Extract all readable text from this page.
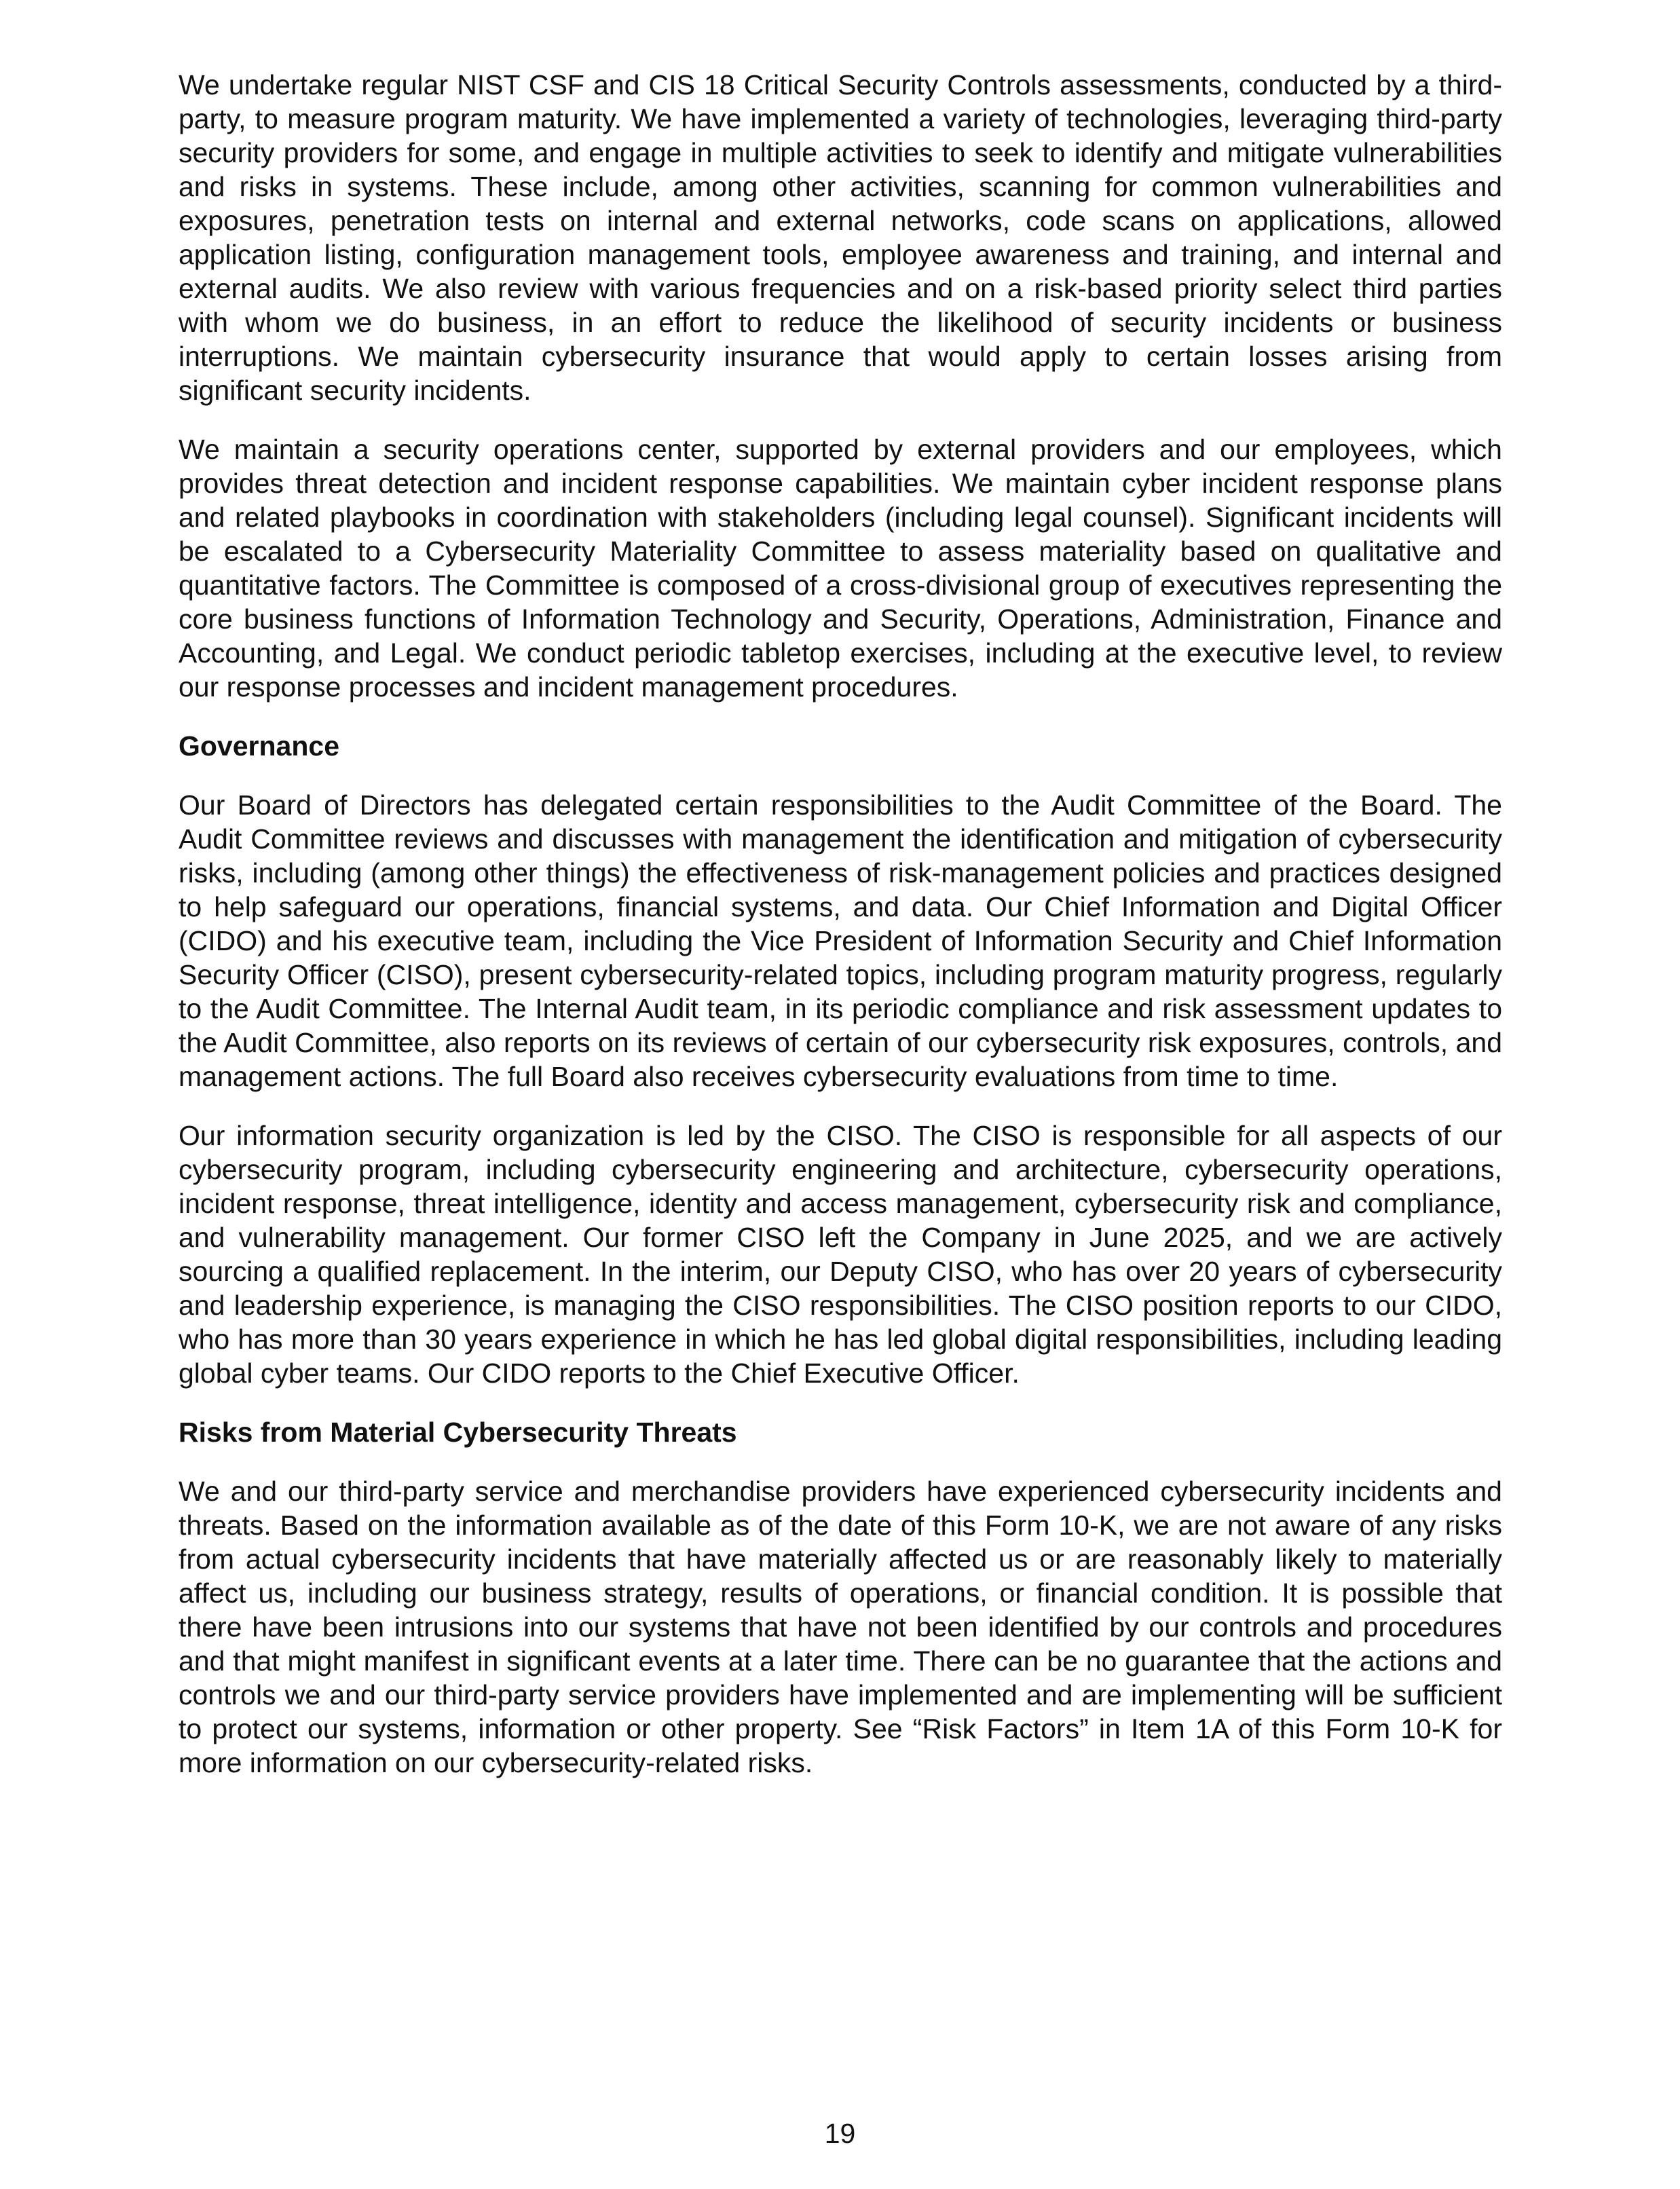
We undertake regular NIST CSF and CIS 18 Critical Security Controls assessments, conducted by a third-party, to measure program maturity. We have implemented a variety of technologies, leveraging third-party security providers for some, and engage in multiple activities to seek to identify and mitigate vulnerabilities and risks in systems. These include, among other activities, scanning for common vulnerabilities and exposures, penetration tests on internal and external networks, code scans on applications, allowed application listing, configuration management tools, employee awareness and training, and internal and external audits. We also review with various frequencies and on a risk-based priority select third parties with whom we do business, in an effort to reduce the likelihood of security incidents or business interruptions. We maintain cybersecurity insurance that would apply to certain losses arising from significant security incidents.

We maintain a security operations center, supported by external providers and our employees, which provides threat detection and incident response capabilities. We maintain cyber incident response plans and related playbooks in coordination with stakeholders (including legal counsel). Significant incidents will be escalated to a Cybersecurity Materiality Committee to assess materiality based on qualitative and quantitative factors. The Committee is composed of a cross-divisional group of executives representing the core business functions of Information Technology and Security, Operations, Administration, Finance and Accounting, and Legal. We conduct periodic tabletop exercises, including at the executive level, to review our response processes and incident management procedures.

Governance

Our Board of Directors has delegated certain responsibilities to the Audit Committee of the Board. The Audit Committee reviews and discusses with management the identification and mitigation of cybersecurity risks, including (among other things) the effectiveness of risk-management policies and practices designed to help safeguard our operations, financial systems, and data. Our Chief Information and Digital Officer (CIDO) and his executive team, including the Vice President of Information Security and Chief Information Security Officer (CISO), present cybersecurity-related topics, including program maturity progress, regularly to the Audit Committee. The Internal Audit team, in its periodic compliance and risk assessment updates to the Audit Committee, also reports on its reviews of certain of our cybersecurity risk exposures, controls, and management actions. The full Board also receives cybersecurity evaluations from time to time.

Our information security organization is led by the CISO. The CISO is responsible for all aspects of our cybersecurity program, including cybersecurity engineering and architecture, cybersecurity operations, incident response, threat intelligence, identity and access management, cybersecurity risk and compliance, and vulnerability management. Our former CISO left the Company in June 2025, and we are actively sourcing a qualified replacement. In the interim, our Deputy CISO, who has over 20 years of cybersecurity and leadership experience, is managing the CISO responsibilities. The CISO position reports to our CIDO, who has more than 30 years experience in which he has led global digital responsibilities, including leading global cyber teams. Our CIDO reports to the Chief Executive Officer.

Risks from Material Cybersecurity Threats

We and our third-party service and merchandise providers have experienced cybersecurity incidents and threats. Based on the information available as of the date of this Form 10-K, we are not aware of any risks from actual cybersecurity incidents that have materially affected us or are reasonably likely to materially affect us, including our business strategy, results of operations, or financial condition. It is possible that there have been intrusions into our systems that have not been identified by our controls and procedures and that might manifest in significant events at a later time. There can be no guarantee that the actions and controls we and our third-party service providers have implemented and are implementing will be sufficient to protect our systems, information or other property. See “Risk Factors” in Item 1A of this Form 10-K for more information on our cybersecurity-related risks.

19
